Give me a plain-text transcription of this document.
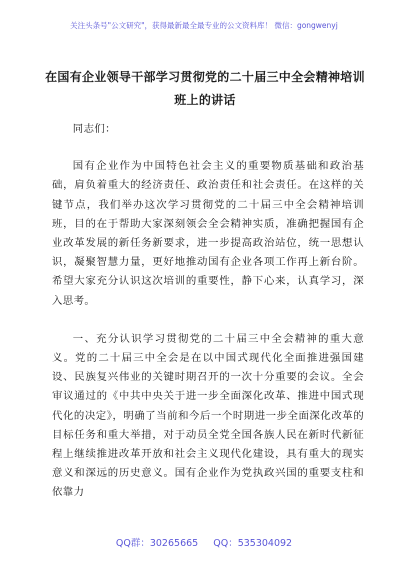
关注头条号"公文研究"，获得最新最全最专业的公文资料库！ 微信：gongwenyj
在国有企业领导干部学习贯彻党的二十届三中全会精神培训班上的讲话

同志们：

国有企业作为中国特色社会主义的重要物质基础和政治基础，肩负着重大的经济责任、政治责任和社会责任。在这样的关键节点，我们举办这次学习贯彻党的二十届三中全会精神培训班，目的在于帮助大家深刻领会全会精神实质，准确把握国有企业改革发展的新任务新要求，进一步提高政治站位，统一思想认识，凝聚智慧力量，更好地推动国有企业各项工作再上新台阶。希望大家充分认识这次培训的重要性，静下心来，认真学习，深入思考。

一、充分认识学习贯彻党的二十届三中全会精神的重大意义。党的二十届三中全会是在以中国式现代化全面推进强国建设、民族复兴伟业的关键时期召开的一次十分重要的会议。全会审议通过的《中共中央关于进一步全面深化改革、推进中国式现代化的决定》，明确了当前和今后一个时期进一步全面深化改革的目标任务和重大举措，对于动员全党全国各族人民在新时代新征程上继续推进改革开放和社会主义现代化建设，具有重大的现实意义和深远的历史意义。国有企业作为党执政兴国的重要支柱和依靠力

QQ群：30265665 QQ：535304092
